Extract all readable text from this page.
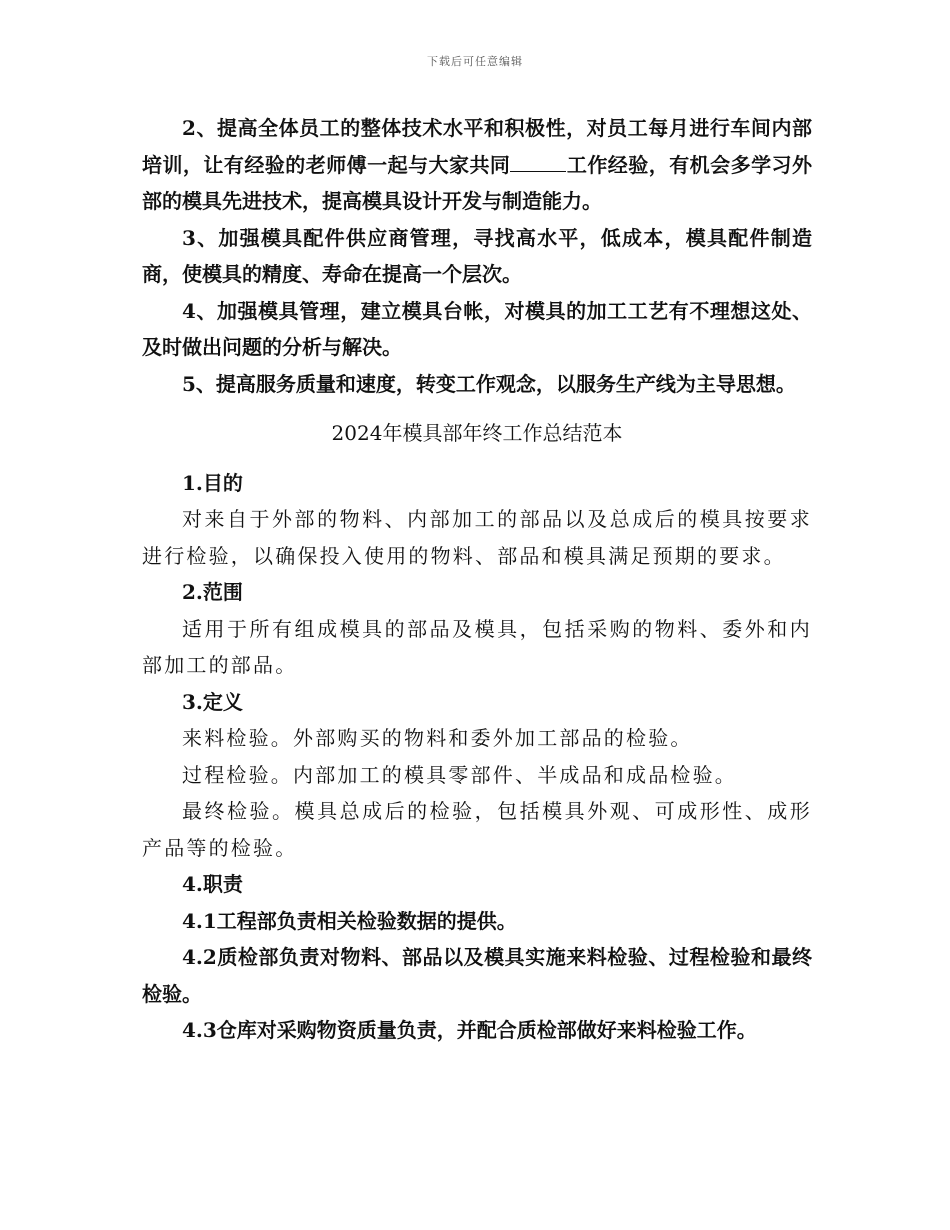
下载后可任意编辑

2、提高全体员工的整体技术水平和积极性，对员工每月进行车间内部培训，让有经验的老师傅一起与大家共同	工作经验，有机会多学习外部的模具先进技术，提高模具设计开发与制造能力。

3、加强模具配件供应商管理，寻找高水平，低成本，模具配件制造商，使模具的精度、寿命在提高一个层次。

4、加强模具管理，建立模具台帐，对模具的加工工艺有不理想这处、及时做出问题的分析与解决。

5、提高服务质量和速度，转变工作观念，以服务生产线为主导思想。

2024年模具部年终工作总结范本

1.目的

对来自于外部的物料、内部加工的部品以及总成后的模具按要求进行检验，以确保投入使用的物料、部品和模具满足预期的要求。

2.范围

适用于所有组成模具的部品及模具，包括采购的物料、委外和内部加工的部品。

3.定义

来料检验。外部购买的物料和委外加工部品的检验。

过程检验。内部加工的模具零部件、半成品和成品检验。

最终检验。模具总成后的检验，包括模具外观、可成形性、成形产品等的检验。

4.职责

4.1工程部负责相关检验数据的提供。

4.2质检部负责对物料、部品以及模具实施来料检验、过程检验和最终检验。

4.3仓库对采购物资质量负责，并配合质检部做好来料检验工作。
